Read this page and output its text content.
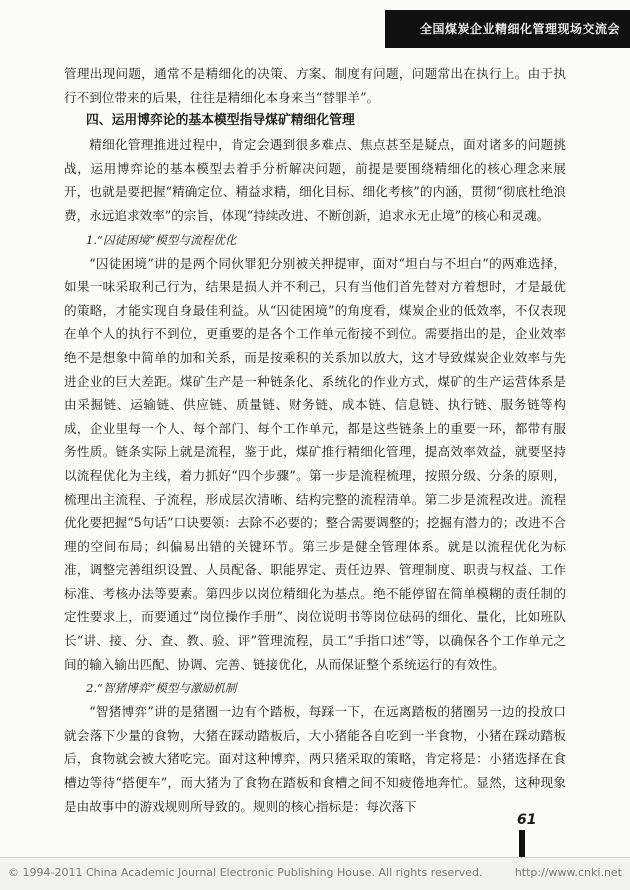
全国煤炭企业精细化管理现场交流会

管理出现问题，通常不是精细化的决策、方案、制度有问题，问题常出在执行上。由于执行不到位带来的后果，往往是精细化本身来当“替罪羊”。

四、运用博弈论的基本模型指导煤矿精细化管理

精细化管理推进过程中，肯定会遇到很多难点、焦点甚至是疑点，面对诸多的问题挑战，运用博弈论的基本模型去着手分析解决问题，前提是要围绕精细化的核心理念来展开，也就是要把握“精确定位、精益求精，细化目标、细化考核”的内涵，贯彻“彻底杜绝浪费，永远追求效率”的宗旨，体现“持续改进、不断创新，追求永无止境”的核心和灵魂。

1.“囚徒困境”模型与流程优化

“囚徒困境”讲的是两个同伙罪犯分别被关押提审，面对“坦白与不坦白”的两难选择，如果一味采取利己行为，结果是损人并不利己，只有当他们首先替对方着想时，才是最优的策略，才能实现自身最佳利益。从“囚徒困境”的角度看，煤炭企业的低效率，不仅表现在单个人的执行不到位，更重要的是各个工作单元衔接不到位。需要指出的是，企业效率绝不是想象中简单的加和关系，而是按乘积的关系加以放大，这才导致煤炭企业效率与先进企业的巨大差距。煤矿生产是一种链条化、系统化的作业方式，煤矿的生产运营体系是由采掘链、运输链、供应链、质量链、财务链、成本链、信息链、执行链、服务链等构成，企业里每一个人、每个部门、每个工作单元，都是这些链条上的重要一环，都带有服务性质。链条实际上就是流程，鉴于此，煤矿推行精细化管理，提高效率效益，就要坚持以流程优化为主线，着力抓好“四个步骤”。第一步是流程梳理，按照分级、分条的原则，梳理出主流程、子流程，形成层次清晰、结构完整的流程清单。第二步是流程改进。流程优化要把握“5句话”口诀要领：去除不必要的；整合需要调整的；挖掘有潜力的；改进不合理的空间布局；纠偏易出错的关键环节。第三步是健全管理体系。就是以流程优化为标准，调整完善组织设置、人员配备、职能界定、责任边界、管理制度、职责与权益、工作标准、考核办法等要素。第四步以岗位精细化为基点。绝不能停留在简单模糊的责任制的定性要求上，而要通过“岗位操作手册”、岗位说明书等岗位砝码的细化、量化，比如班队长“讲、接、分、查、教、验、评”管理流程，员工“手指口述”等，以确保各个工作单元之间的输入输出匹配、协调、完善、链接优化，从而保证整个系统运行的有效性。

2.“智猪博弈”模型与激励机制

“智猪博弈”讲的是猪圈一边有个踏板，每踩一下，在远离踏板的猪圈另一边的投放口就会落下少量的食物，大猪在踩动踏板后，大小猪能各自吃到一半食物，小猪在踩动踏板后，食物就会被大猪吃完。面对这种博弈，两只猪采取的策略，肯定将是：小猪选择在食槽边等待“搭便车”，而大猪为了食物在踏板和食槽之间不知疲倦地奔忙。显然，这种现象是由故事中的游戏规则所导致的。规则的核心指标是：每次落下

61
© 1994-2011 China Academic Journal Electronic Publishing House. All rights reserved.	http://www.cnki.net
